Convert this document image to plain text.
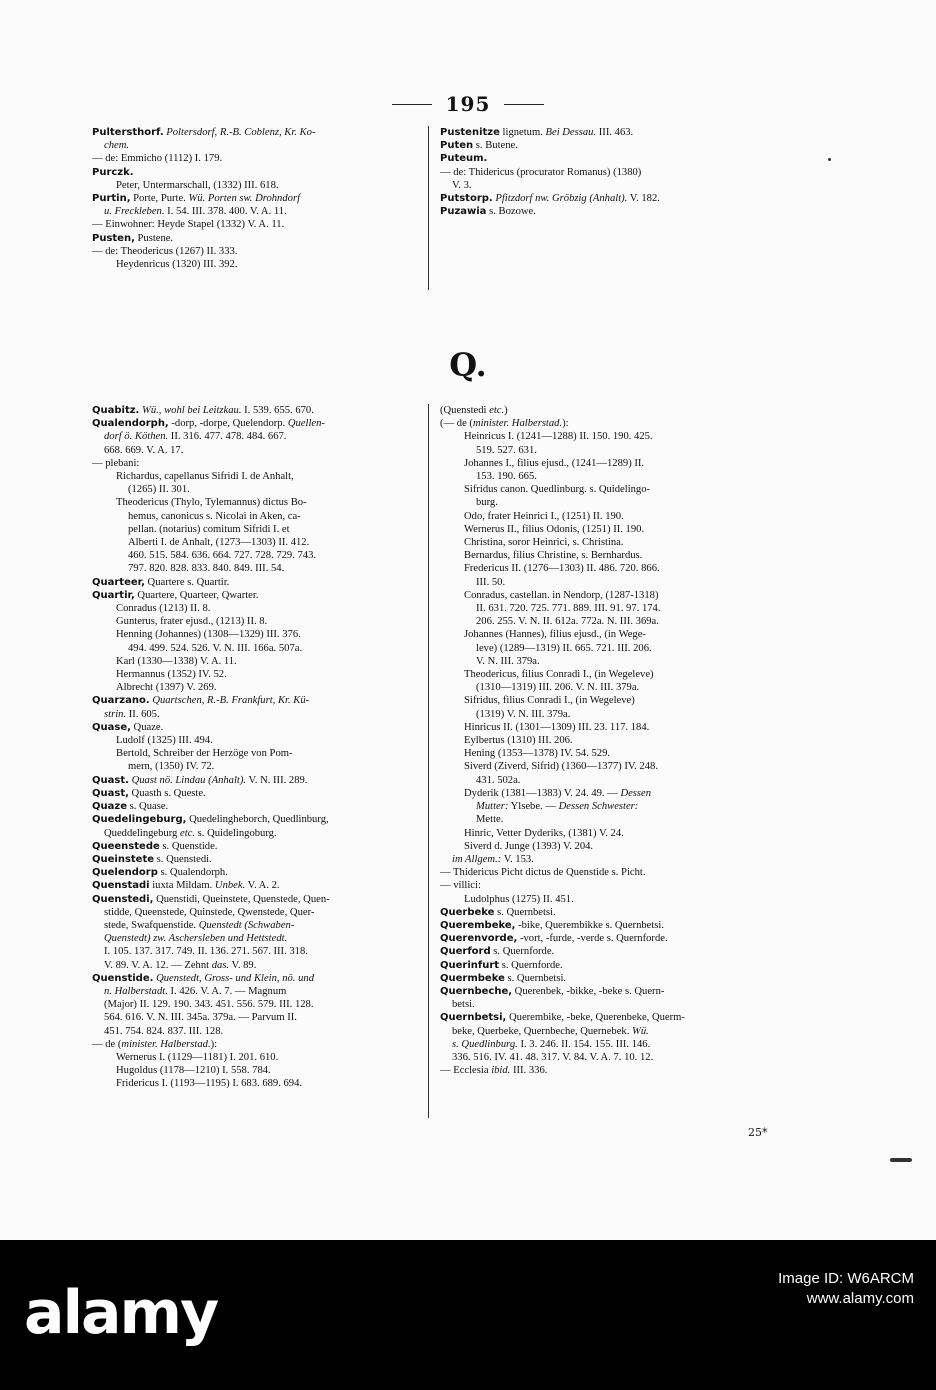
195
Pultersthorf. Poltersdorf, R.-B. Coblenz, Kr. Ko-
chem.
— de: Emmicho (1112) I. 179.
Purczk.
Peter, Untermarschall, (1332) III. 618.
Purtin, Porte, Purte. Wü. Porten sw. Drohndorf
u. Freckleben. I. 54. III. 378. 400. V. A. 11.
— Einwohner: Heyde Stapel (1332) V. A. 11.
Pusten, Pustene.
— de: Theodericus (1267) II. 333.
Heydenricus (1320) III. 392.
Pustenitze lignetum. Bei Dessau. III. 463.
Puten s. Butene.
Puteum.
— de: Thidericus (procurator Romanus) (1380)
V. 3.
Putstorp. Pfitzdorf nw. Gröbzig (Anhalt). V. 182.
Puzawia s. Bozowe.
Q.
Quabitz. Wü., wohl bei Leitzkau. I. 539. 655. 670.
Qualendorph, -dorp, -dorpe, Quelendorp. Quellen-
dorf ö. Köthen. II. 316. 477. 478. 484. 667.
668. 669. V. A. 17.
— plebani:
Richardus, capellanus Sifridi I. de Anhalt,
(1265) II. 301.
Theodericus (Thylo, Tylemannus) dictus Bo-
hemus, canonicus s. Nicolai in Aken, ca-
pellan. (notarius) comitum Sifridi I. et
Alberti I. de Anhalt, (1273—1303) II. 412.
460. 515. 584. 636. 664. 727. 728. 729. 743.
797. 820. 828. 833. 840. 849. III. 54.
Quarteer, Quartere s. Quartir.
Quartir, Quartere, Quarteer, Qwarter.
Conradus (1213) II. 8.
Gunterus, frater ejusd., (1213) II. 8.
Henning (Johannes) (1308—1329) III. 376.
494. 499. 524. 526. V. N. III. 166a. 507a.
Karl (1330—1338) V. A. 11.
Hermannus (1352) IV. 52.
Albrecht (1397) V. 269.
Quarzano. Quartschen, R.-B. Frankfurt, Kr. Kü-
strin. II. 605.
Quase, Quaze.
Ludolf (1325) III. 494.
Bertold, Schreiber der Herzöge von Pom-
mern, (1350) IV. 72.
Quast. Quast nö. Lindau (Anhalt). V. N. III. 289.
Quast, Quasth s. Queste.
Quaze s. Quase.
Quedelingeburg, Quedelingheborch, Quedlinburg,
Queddelingeburg etc. s. Quidelingoburg.
Queenstede s. Quenstide.
Queinstete s. Quenstedi.
Quelendorp s. Qualendorph.
Quenstadi iuxta Mildam. Unbek. V. A. 2.
Quenstedi, Quenstidi, Queinstete, Quenstede, Quen-
stidde, Queenstede, Quinstede, Qwenstede, Quer-
stede, Swafquenstide. Quenstedt (Schwaben-
Quenstedt) zw. Aschersleben und Hettstedt.
I. 105. 137. 317. 749. II. 136. 271. 567. III. 318.
V. 89. V. A. 12. — Zehnt das. V. 89.
Quenstide. Quenstedt, Gross- und Klein, nö. und
n. Halberstadt. I. 426. V. A. 7. — Magnum
(Major) II. 129. 190. 343. 451. 556. 579. III. 128.
564. 616. V. N. III. 345a. 379a. — Parvum II.
451. 754. 824. 837. III. 128.
— de (minister. Halberstad.):
Wernerus I. (1129—1181) I. 201. 610.
Hugoldus (1178—1210) I. 558. 784.
Fridericus I. (1193—1195) I. 683. 689. 694.
(Quenstedi etc.)
(— de (minister. Halberstad.):
Heinricus I. (1241—1288) II. 150. 190. 425.
519. 527. 631.
Johannes I., filius ejusd., (1241—1289) II.
153. 190. 665.
Sifridus canon. Quedlinburg. s. Quidelingo-
burg.
Odo, frater Heinrici I., (1251) II. 190.
Wernerus II., filius Odonis, (1251) II. 190.
Christina, soror Heinrici, s. Christina.
Bernardus, filius Christine, s. Bernhardus.
Fredericus II. (1276—1303) II. 486. 720. 866.
III. 50.
Conradus, castellan. in Nendorp, (1287-1318)
II. 631. 720. 725. 771. 889. III. 91. 97. 174.
206. 255. V. N. II. 612a. 772a. N. III. 369a.
Johannes (Hannes), filius ejusd., (in Wege-
leve) (1289—1319) II. 665. 721. III. 206.
V. N. III. 379a.
Theodericus, filius Conradi I., (in Wegeleve)
(1310—1319) III. 206. V. N. III. 379a.
Sifridus, filius Conradi I., (in Wegeleve)
(1319) V. N. III. 379a.
Hinricus II. (1301—1309) III. 23. 117. 184.
Eylbertus (1310) III. 206.
Hening (1353—1378) IV. 54. 529.
Siverd (Ziverd, Sifrid) (1360—1377) IV. 248.
431. 502a.
Dyderik (1381—1383) V. 24. 49. — Dessen
Mutter: Ylsebe. — Dessen Schwester:
Mette.
Hinric, Vetter Dyderiks, (1381) V. 24.
Siverd d. Junge (1393) V. 204.
im Allgem.: V. 153.
— Thidericus Picht dictus de Quenstide s. Picht.
— villici:
Ludolphus (1275) II. 451.
Querbeke s. Quernbetsi.
Querembeke, -bike, Querembikke s. Quernbetsi.
Querenvorde, -vort, -furde, -verde s. Quernforde.
Querford s. Quernforde.
Querinfurt s. Quernforde.
Quermbeke s. Quernbetsi.
Quernbeche, Querenbek, -bikke, -beke s. Quern-
betsi.
Quernbetsi, Querembike, -beke, Querenbeke, Querm-
beke, Querbeke, Quernbeche, Quernebek. Wü.
s. Quedlinburg. I. 3. 246. II. 154. 155. III. 146.
336. 516. IV. 41. 48. 317. V. 84. V. A. 7. 10. 12.
— Ecclesia ibid. III. 336.
25*
alamy	Image ID: W6ARCM
www.alamy.com
